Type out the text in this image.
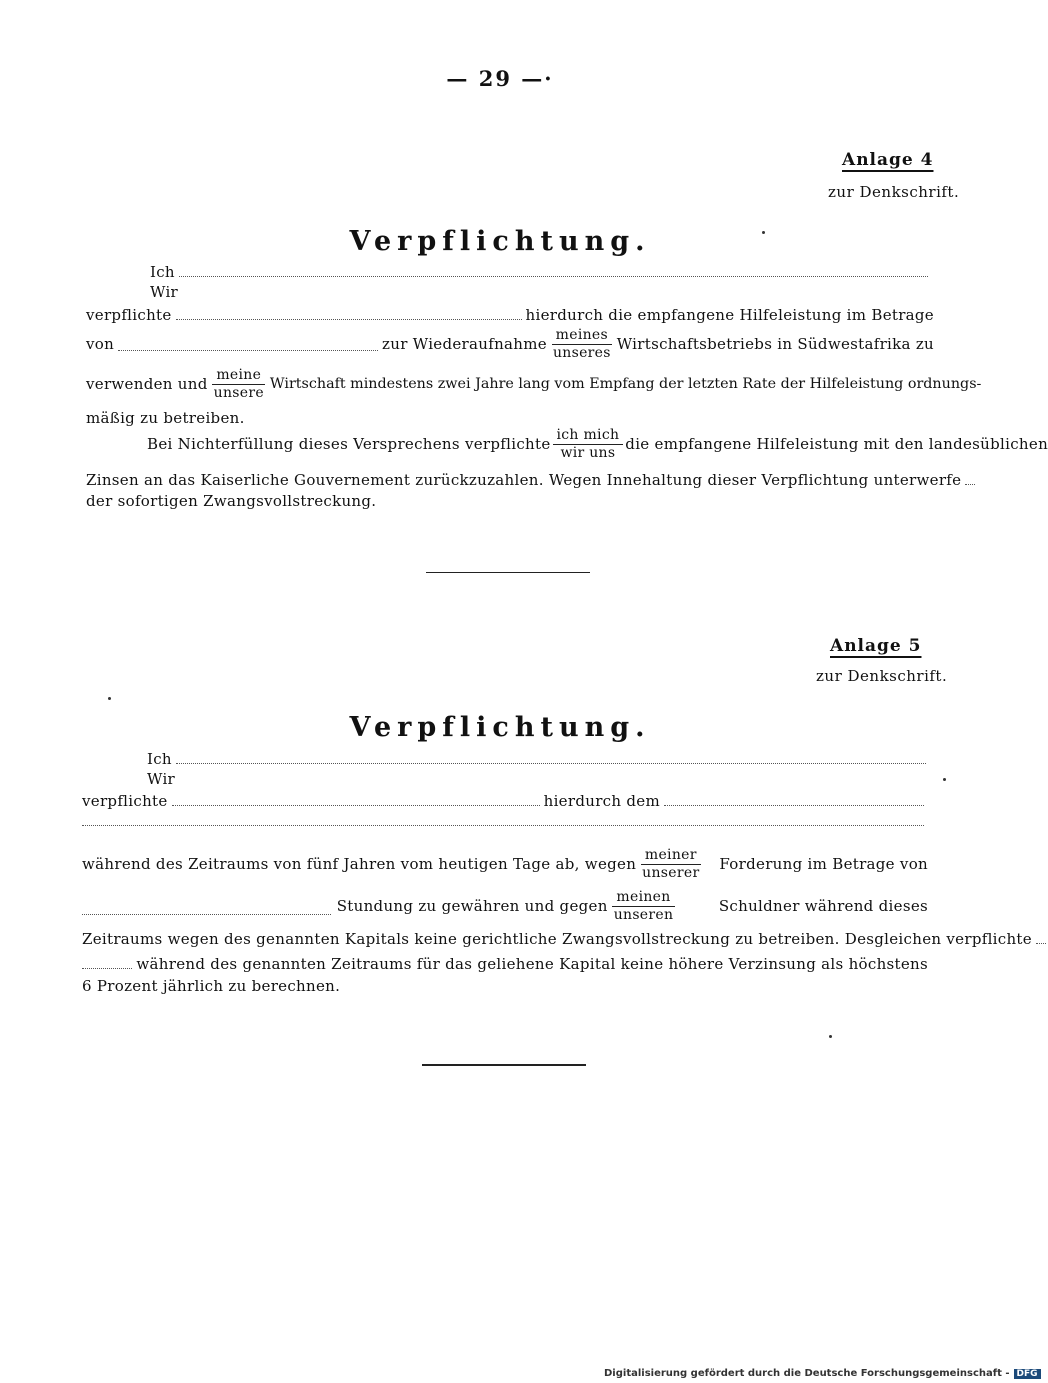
— 29 —·
Anlage 4
zur Denkschrift.
Verpflichtung.
Ich
Wir
verpflichte	hierdurch die empfangene Hilfeleistung im Betrage
von	zur Wiederaufnahme $\frac{\text{meines}}{\text{unseres}}$ Wirtschaftsbetriebs in Südwestafrika zu
verwenden und $\frac{\text{meine}}{\text{unsere}}$ Wirtschaft mindestens zwei Jahre lang vom Empfang der letzten Rate der Hilfeleistung ordnungs-
mäßig zu betreiben.
Bei Nichterfüllung dieses Versprechens verpflichte $\frac{\text{ich mich}}{\text{wir uns}}$ die empfangene Hilfeleistung mit den landesüblichen
Zinsen an das Kaiserliche Gouvernement zurückzuzahlen. Wegen Innehaltung dieser Verpflichtung unterwerfe
der sofortigen Zwangsvollstreckung.
Anlage 5
zur Denkschrift.
Verpflichtung.
Ich
Wir
verpflichte	hierdurch dem
während des Zeitraums von fünf Jahren vom heutigen Tage ab, wegen $\frac{\text{meiner}}{\text{unserer}}$	Forderung im Betrage von
Stundung zu gewähren und gegen $\frac{\text{meinen}}{\text{unseren}}$	Schuldner während dieses
Zeitraums wegen des genannten Kapitals keine gerichtliche Zwangsvollstreckung zu betreiben. Desgleichen verpflichte
während des genannten Zeitraums für das geliehene Kapital keine höhere Verzinsung als höchstens
6 Prozent jährlich zu berechnen.
Digitalisierung gefördert durch die Deutsche Forschungsgemeinschaft - DFG
